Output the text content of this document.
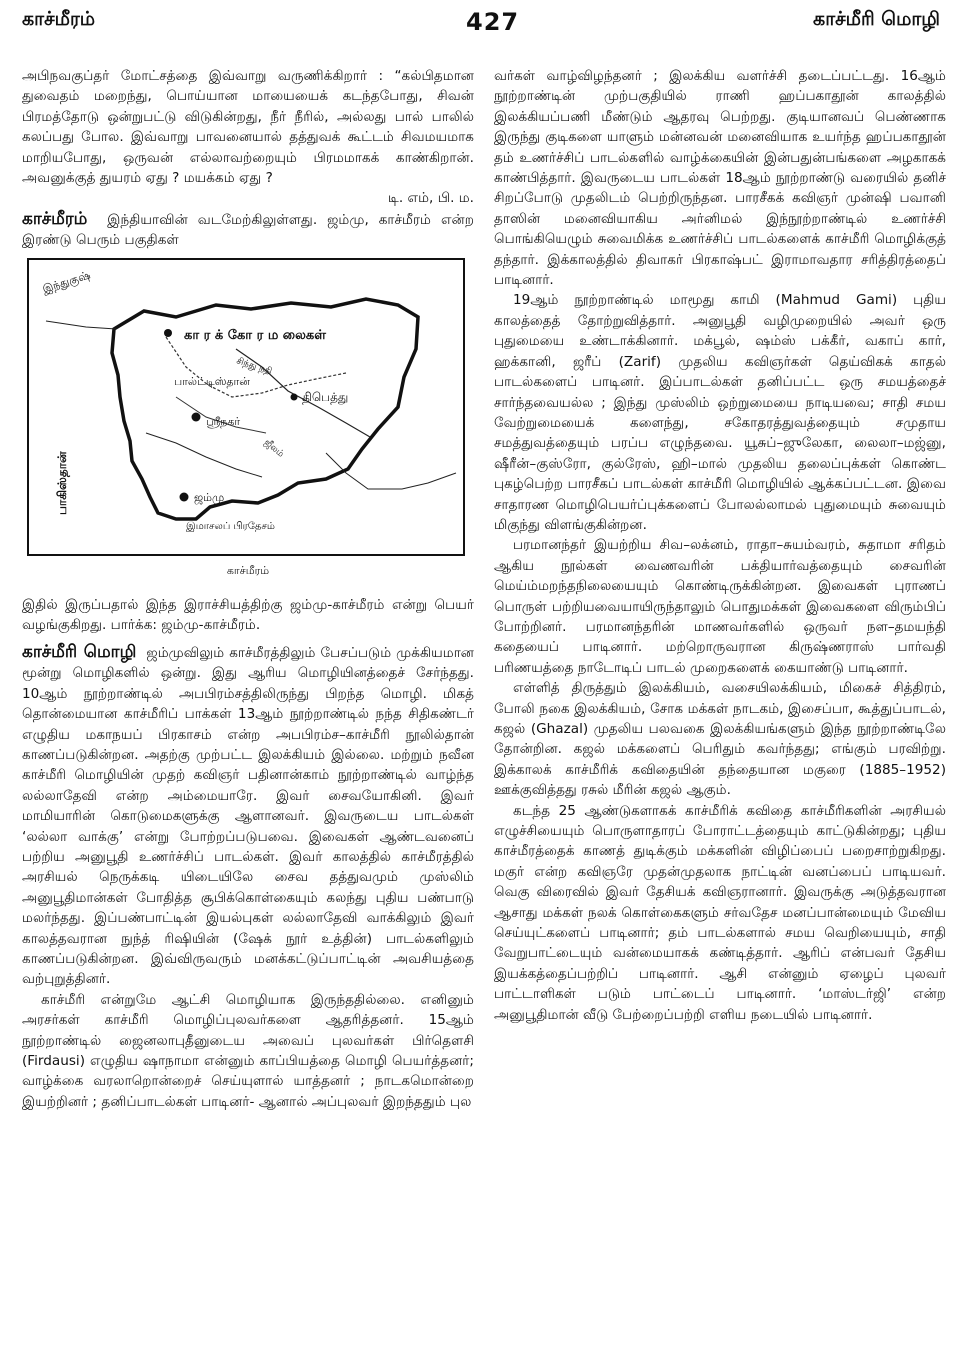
காச்மீரம்	427	காச்மீரி மொழி

அபிநவகுப்தர் மோட்சத்தை இவ்வாறு வருணிக்கிறார் : “கல்பிதமான துவைதம் மறைந்து, பொய்யான மாயையைக் கடந்தபோது, சிவன் பிரமத்தோடு ஒன்றுபட்டு விடுகின்றது, நீர் நீரில், அல்லது பால் பாலில் கலப்பது போல. இவ்வாறு பாவனையால் தத்துவக் கூட்டம் சிவமயமாக மாறியபோது, ஒருவன் எல்லாவற்றையும் பிரமமாகக் காண்கிறான். அவனுக்குத் துயரம் ஏது ? மயக்கம் ஏது ?

டி. எம், பி. ம.

காச்மீரம் இந்தியாவின் வடமேற்கிலுள்ளது. ஜம்மு, காச்மீரம் என்ற இரண்டு பெரும் பகுதிகள்

இந்துகுஷ்
கா ர க் கோ ர ம லைகள்
சிந்து நதி
பால்ட்டிஸ்தான்
திபெத்து
ஸ்ரீநகர்
ஜீலம்
பாகிஸ்தான்	ஜம்மு
இமாசலப் பிரதேசம்
காச்மீரம்

இதில் இருப்பதால் இந்த இராச்சியத்திற்கு ஜம்மு-காச்மீரம் என்று பெயர் வழங்குகிறது. பார்க்க: ஜம்மு-காச்மீரம்.

காச்மீரி மொழி ஜம்முவிலும் காச்மீரத்திலும் பேசப்படும் முக்கியமான மூன்று மொழிகளில் ஒன்று. இது ஆரிய மொழியினத்தைச் சேர்ந்தது. 10ஆம் நூற்றாண்டில் அபபிரம்சத்திலிருந்து பிறந்த மொழி. மிகத் தொன்மையான காச்மீரிப் பாக்கள் 13ஆம் நூற்றாண்டில் நந்த சிதிகண்டர் எழுதிய மகாநயப் பிரகாசம் என்ற அபபிரம்ச–காச்மீரி நூலில்தான் காணப்படுகின்றன. அதற்கு முற்பட்ட இலக்கியம் இல்லை. மற்றும் நவீன காச்மீரி மொழியின் முதற் கவிஞர் பதினான்காம் நூற்றாண்டில் வாழ்ந்த லல்லாதேவி என்ற அம்மையாரே. இவர் சைவயோகினி. இவர் மாமியாரின் கொடுமைகளுக்கு ஆளானவர். இவருடைய பாடல்கள் ‘லல்லா வாக்கு’ என்று போற்றப்படுபவை. இவைகள் ஆண்டவனைப் பற்றிய அனுபூதி உணர்ச்சிப் பாடல்கள். இவர் காலத்தில் காச்மீரத்தில் அரசியல் நெருக்கடி யிடையிலே சைவ தத்துவமும் முஸ்லிம் அனுபூதிமான்கள் போதித்த சூபிக்கொள்கையும் கலந்து புதிய பண்பாடு மலர்ந்தது. இப்பண்பாட்டின் இயல்புகள் லல்லாதேவி வாக்கிலும் இவர் காலத்தவரான நுந்த் ரிஷியின் (ஷேக் நூர் உத்தின்) பாடல்களிலும் காணப்படுகின்றன. இவ்விருவரும் மனக்கட்டுப்பாட்டின் அவசியத்தை வற்புறுத்தினர்.

காச்மீரி என்றுமே ஆட்சி மொழியாக இருந்ததில்லை. எனினும் அரசர்கள் காச்மீரி மொழிப்புலவர்களை ஆதரித்தனர். 15ஆம் நூற்றாண்டில் ஜைனலாபுதீனுடைய அவைப் புலவர்கள் பிர்தௌசி (Firdausi) எழுதிய ஷாநாமா என்னும் காப்பியத்தை மொழி பெயர்த்தனர்; வாழ்க்கை வரலாறொன்றைச் செய்யுளால் யாத்தனர் ; நாடகமொன்றை இயற்றினர் ; தனிப்பாடல்கள் பாடினர்- ஆனால் அப்புலவர் இறந்ததும் புல

வர்கள் வாழ்விழந்தனர் ; இலக்கிய வளர்ச்சி தடைப்பட்டது. 16ஆம் நூற்றாண்டின் முற்பகுதியில் ராணி ஹப்பகாதூன் காலத்தில் இலக்கியப்பணி மீண்டும் ஆதரவு பெற்றது. குடியானவப் பெண்ணாக இருந்து குடிகளை யாளும் மன்னவன் மனைவியாக உயர்ந்த ஹப்பகாதூன் தம் உணர்ச்சிப் பாடல்களில் வாழ்க்கையின் இன்பதுன்பங்களை அழகாகக் காண்பித்தார். இவருடைய பாடல்கள் 18ஆம் நூற்றாண்டு வரையில் தனிச் சிறப்போடு முதலிடம் பெற்றிருந்தன. பாரசீகக் கவிஞர் முன்ஷி பவானி தாஸின் மனைவியாகிய அர்னிமல் இந்நூற்றாண்டில் உணர்ச்சி பொங்கியெழும் சுவைமிக்க உணர்ச்சிப் பாடல்களைக் காச்மீரி மொழிக்குத் தந்தார். இக்காலத்தில் திவாகர் பிரகாஷ்பட் இராமாவதார சரித்திரத்தைப் பாடினார்.

19ஆம் நூற்றாண்டில் மாமூது காமி (Mahmud Gami) புதிய காலத்தைத் தோற்றுவித்தார். அனுபூதி வழிமுறையில் அவர் ஒரு புதுமையை உண்டாக்கினார். மக்பூல், ஷம்ஸ் பக்கீர், வகாப் கார், ஹக்கானி, ஜரீப் (Zarif) முதலிய கவிஞர்கள் தெய்விகக் காதல் பாடல்களைப் பாடினர். இப்பாடல்கள் தனிப்பட்ட ஒரு சமயத்தைச் சார்ந்தவையல்ல ; இந்து முஸ்லிம் ஒற்றுமையை நாடியவை; சாதி சமய வேற்றுமையைக் களைந்து, சகோதரத்துவத்தையும் சமுதாய சமத்துவத்தையும் பரப்ப எழுந்தவை. யூசுப்–ஜுலேகா, லைலா–மஜ்னு, ஷீரீன்–குஸ்ரோ, குல்ரேஸ், ஹி–மால் முதலிய தலைப்புக்கள் கொண்ட புகழ்பெற்ற பாரசீகப் பாடல்கள் காச்மீரி மொழியில் ஆக்கப்பட்டன. இவை சாதாரண மொழிபெயர்ப்புக்களைப் போலல்லாமல் புதுமையும் சுவையும் மிகுந்து விளங்குகின்றன.

பரமானந்தர் இயற்றிய சிவ–லக்னம், ராதா–சுயம்வரம், சுதாமா சரிதம் ஆகிய நூல்கள் வைணவரின் பக்தியார்வத்தையும் சைவரின் மெய்ம்மறந்தநிலையையும் கொண்டிருக்கின்றன. இவைகள் புராணப் பொருள் பற்றியவையாயிருந்தாலும் பொதுமக்கள் இவைகளை விரும்பிப் போற்றினர். பரமானந்தரின் மாணவர்களில் ஒருவர் நள–தமயந்தி கதையைப் பாடினார். மற்றொருவரான கிருஷ்ணராஸ் பார்வதி பரிணயத்தை நாடோடிப் பாடல் முறைகளைக் கையாண்டு பாடினார்.

எள்ளித் திருத்தும் இலக்கியம், வசையிலக்கியம், மிகைச் சித்திரம், போலி நகை இலக்கியம், சோக மக்கள் நாடகம், இசைப்பா, கூத்துப்பாடல், கஜல் (Ghazal) முதலிய பலவகை இலக்கியங்களும் இந்த நூற்றாண்டிலே தோன்றின. கஜல் மக்களைப் பெரிதும் கவர்ந்தது; எங்கும் பரவிற்று. இக்காலக் காச்மீரிக் கவிதையின் தந்தையான மகுரை (1885–1952) ஊக்குவித்தது ரசுல் மீரின் கஜல் ஆகும்.

கடந்த 25 ஆண்டுகளாகக் காச்மீரிக் கவிதை காச்மீரிகளின் அரசியல் எழுச்சியையும் பொருளாதாரப் போராட்டத்தையும் காட்டுகின்றது; புதிய காச்மீரத்தைக் காணத் துடிக்கும் மக்களின் விழிப்பைப் பறைசாற்றுகிறது. மகுர் என்ற கவிஞரே முதன்முதலாக நாட்டின் வனப்பைப் பாடியவர். வெகு விரைவில் இவர் தேசியக் கவிஞரானார். இவருக்கு அடுத்தவரான ஆசாது மக்கள் நலக் கொள்கைகளும் சர்வதேச மனப்பான்மையும் மேவிய செய்யுட்களைப் பாடினார்; தம் பாடல்களால் சமய வெறியையும், சாதி வேறுபாட்டையும் வன்மையாகக் கண்டித்தார். ஆரிப் என்பவர் தேசிய இயக்கத்தைப்பற்றிப் பாடினார். ஆசி என்னும் ஏழைப் புலவர் பாட்டாளிகள் படும் பாட்டைப் பாடினார். ‘மாஸ்டர்ஜி’ என்ற அனுபூதிமான் வீடு பேற்றைப்பற்றி எளிய நடையில் பாடினார்.
